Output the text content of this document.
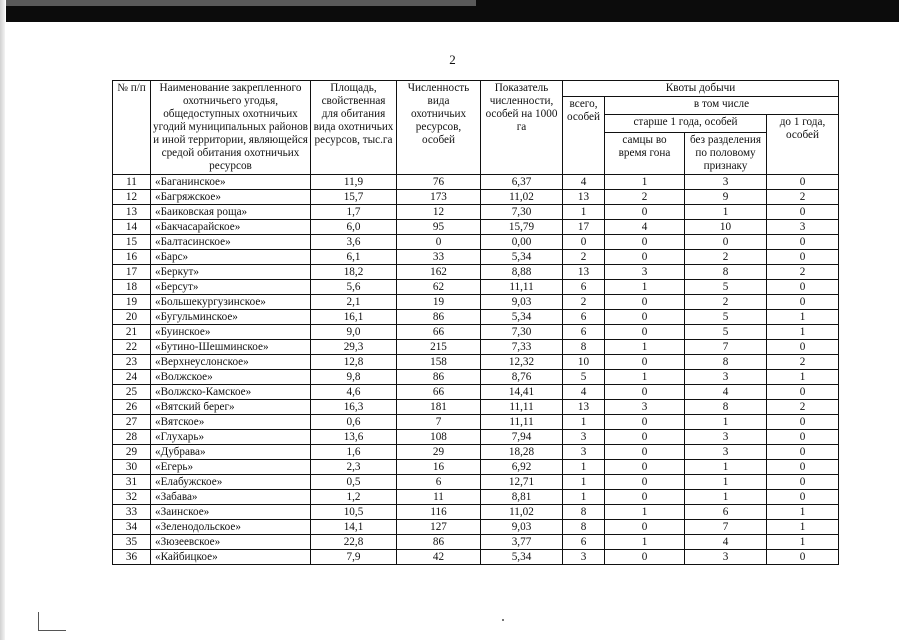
2
№ п/п	Наименование закрепленного охотничьего угодья, общедоступных охотничьих угодий муниципальных районов и иной территории, являющейся средой обитания охотничьих ресурсов	Площадь, свойственная для обитания вида охотничьих ресурсов, тыс.га	Численность вида охотничьих ресурсов, особей	Показатель численности, особей на 1000 га	Квоты добычи			
					всего, особей	в том числе		
						старше 1 года, особей		до 1 года, особей
						самцы во время гона	без разделения по половому признаку	
11	«Баганинское»	11,9	76	6,37	4	1	3	0
12	«Багряжское»	15,7	173	11,02	13	2	9	2
13	«Баиковская роща»	1,7	12	7,30	1	0	1	0
14	«Бакчасарайское»	6,0	95	15,79	17	4	10	3
15	«Балтасинское»	3,6	0	0,00	0	0	0	0
16	«Барс»	6,1	33	5,34	2	0	2	0
17	«Беркут»	18,2	162	8,88	13	3	8	2
18	«Берсут»	5,6	62	11,11	6	1	5	0
19	«Большекургузинское»	2,1	19	9,03	2	0	2	0
20	«Бугульминское»	16,1	86	5,34	6	0	5	1
21	«Буинское»	9,0	66	7,30	6	0	5	1
22	«Бутино-Шешминское»	29,3	215	7,33	8	1	7	0
23	«Верхнеуслонское»	12,8	158	12,32	10	0	8	2
24	«Волжское»	9,8	86	8,76	5	1	3	1
25	«Волжско-Камское»	4,6	66	14,41	4	0	4	0
26	«Вятский берег»	16,3	181	11,11	13	3	8	2
27	«Вятское»	0,6	7	11,11	1	0	1	0
28	«Глухарь»	13,6	108	7,94	3	0	3	0
29	«Дубрава»	1,6	29	18,28	3	0	3	0
30	«Егерь»	2,3	16	6,92	1	0	1	0
31	«Елабужское»	0,5	6	12,71	1	0	1	0
32	«Забава»	1,2	11	8,81	1	0	1	0
33	«Заинское»	10,5	116	11,02	8	1	6	1
34	«Зеленодольское»	14,1	127	9,03	8	0	7	1
35	«Зюзеевское»	22,8	86	3,77	6	1	4	1
36	«Кайбицкое»	7,9	42	5,34	3	0	3	0
